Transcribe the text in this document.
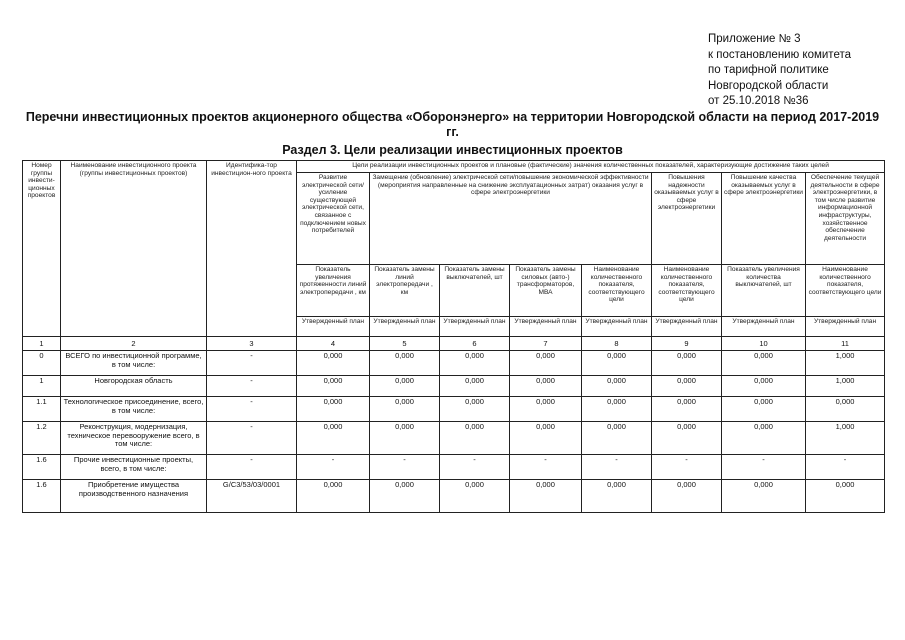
Приложение № 3
к постановлению комитета
по тарифной политике
Новгородской области
от 25.10.2018 №36
Перечни инвестиционных проектов акционерного общества «Оборонэнерго» на территории Новгородской области на период 2017-2019 гг.
Раздел 3. Цели реализации инвестиционных проектов
Номер группы инвести-ционных проектов	Наименование инвестиционного проекта (группы инвестиционных проектов)	Идентифика-тор инвестицион-ного проекта	Цели реализации инвестиционных проектов и плановые (фактические) значения количественных показателей, характеризующие достижение таких целей								
			Развитие электрической сети/усиление существующей электрической сети, связанное с подключением новых потребителей	Замещение (обновление) электрической сети/повышение экономической эффективности (мероприятия направленные на снижение эксплуатационных затрат) оказания услуг в сфере электроэнергетики				Повышения надежности оказываемых услуг в сфере электроэнергетики	Повышение качества оказываемых услуг в сфере электроэнергетики	Обеспечение текущей деятельности в сфере электроэнергетики, в том числе развитие информационной инфраструктуры, хозяйственное обеспечение деятельности	
			Показатель увеличения протяженности линий электропередачи , км	Показатель замены линий электропередачи , км	Показатель замены выключателей, шт	Показатель замены силовых (авто-) трансформаторов, МВА	Наименование количественного показателя, соответствующего цели	Наименование количественного показателя, соответствующего цели	Показатель увеличения количества выключателей, шт	Наименование количественного показателя, соответствующего цели	
			Утвержденный план	Утвержденный план	Утвержденный план	Утвержденный план	Утвержденный план	Утвержденный план	Утвержденный план	Утвержденный план	
1	2	3	4	5	6	7	8	9	10	11	
0	ВСЕГО по инвестиционной программе, в том числе:	-	0,000	0,000	0,000	0,000	0,000	0,000	0,000	1,000	
1	Новгородская область	-	0,000	0,000	0,000	0,000	0,000	0,000	0,000	1,000	
1.1	Технологическое присоединение, всего, в том числе:	-	0,000	0,000	0,000	0,000	0,000	0,000	0,000	0,000	
1.2	Реконструкция, модернизация, техническое перевооружение всего, в том числе:	-	0,000	0,000	0,000	0,000	0,000	0,000	0,000	1,000	
1.6	Прочие инвестиционные проекты, всего, в том числе:	-	-	-	-	-	-	-	-	-	
1.6	Приобретение имущества производственного назначения	G/C3/53/03/0001	0,000	0,000	0,000	0,000	0,000	0,000	0,000	0,000	
